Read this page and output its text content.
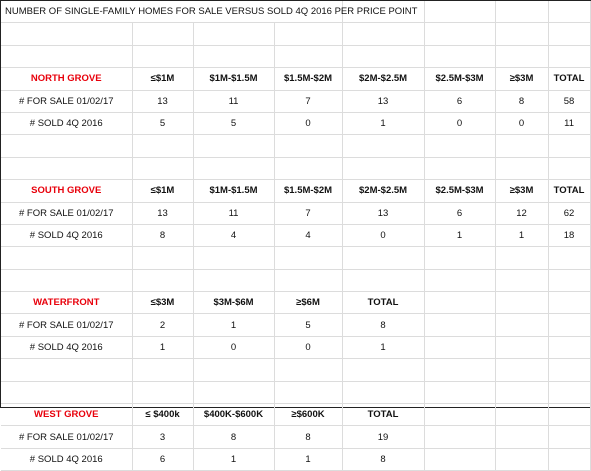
NUMBER OF SINGLE-FAMILY HOMES FOR SALE VERSUS SOLD 4Q 2016 PER PRICE POINT							

NORTH GROVE	≤$1M	$1M-$1.5M	$1.5M-$2M	$2M-$2.5M	$2.5M-$3M	≥$3M	TOTAL
# FOR SALE 01/02/17	13	11	7	13	6	8	58
# SOLD 4Q 2016	5	5	0	1	0	0	11

SOUTH GROVE	≤$1M	$1M-$1.5M	$1.5M-$2M	$2M-$2.5M	$2.5M-$3M	≥$3M	TOTAL
# FOR SALE 01/02/17	13	11	7	13	6	12	62
# SOLD 4Q 2016	8	4	4	0	1	1	18

WATERFRONT	≤$3M	$3M-$6M	≥$6M	TOTAL			
# FOR SALE 01/02/17	2	1	5	8			
# SOLD 4Q 2016	1	0	0	1			

WEST GROVE	≤ $400k	$400K-$600K	≥$600K	TOTAL			
# FOR SALE 01/02/17	3	8	8	19			
# SOLD 4Q 2016	6	1	1	8			
